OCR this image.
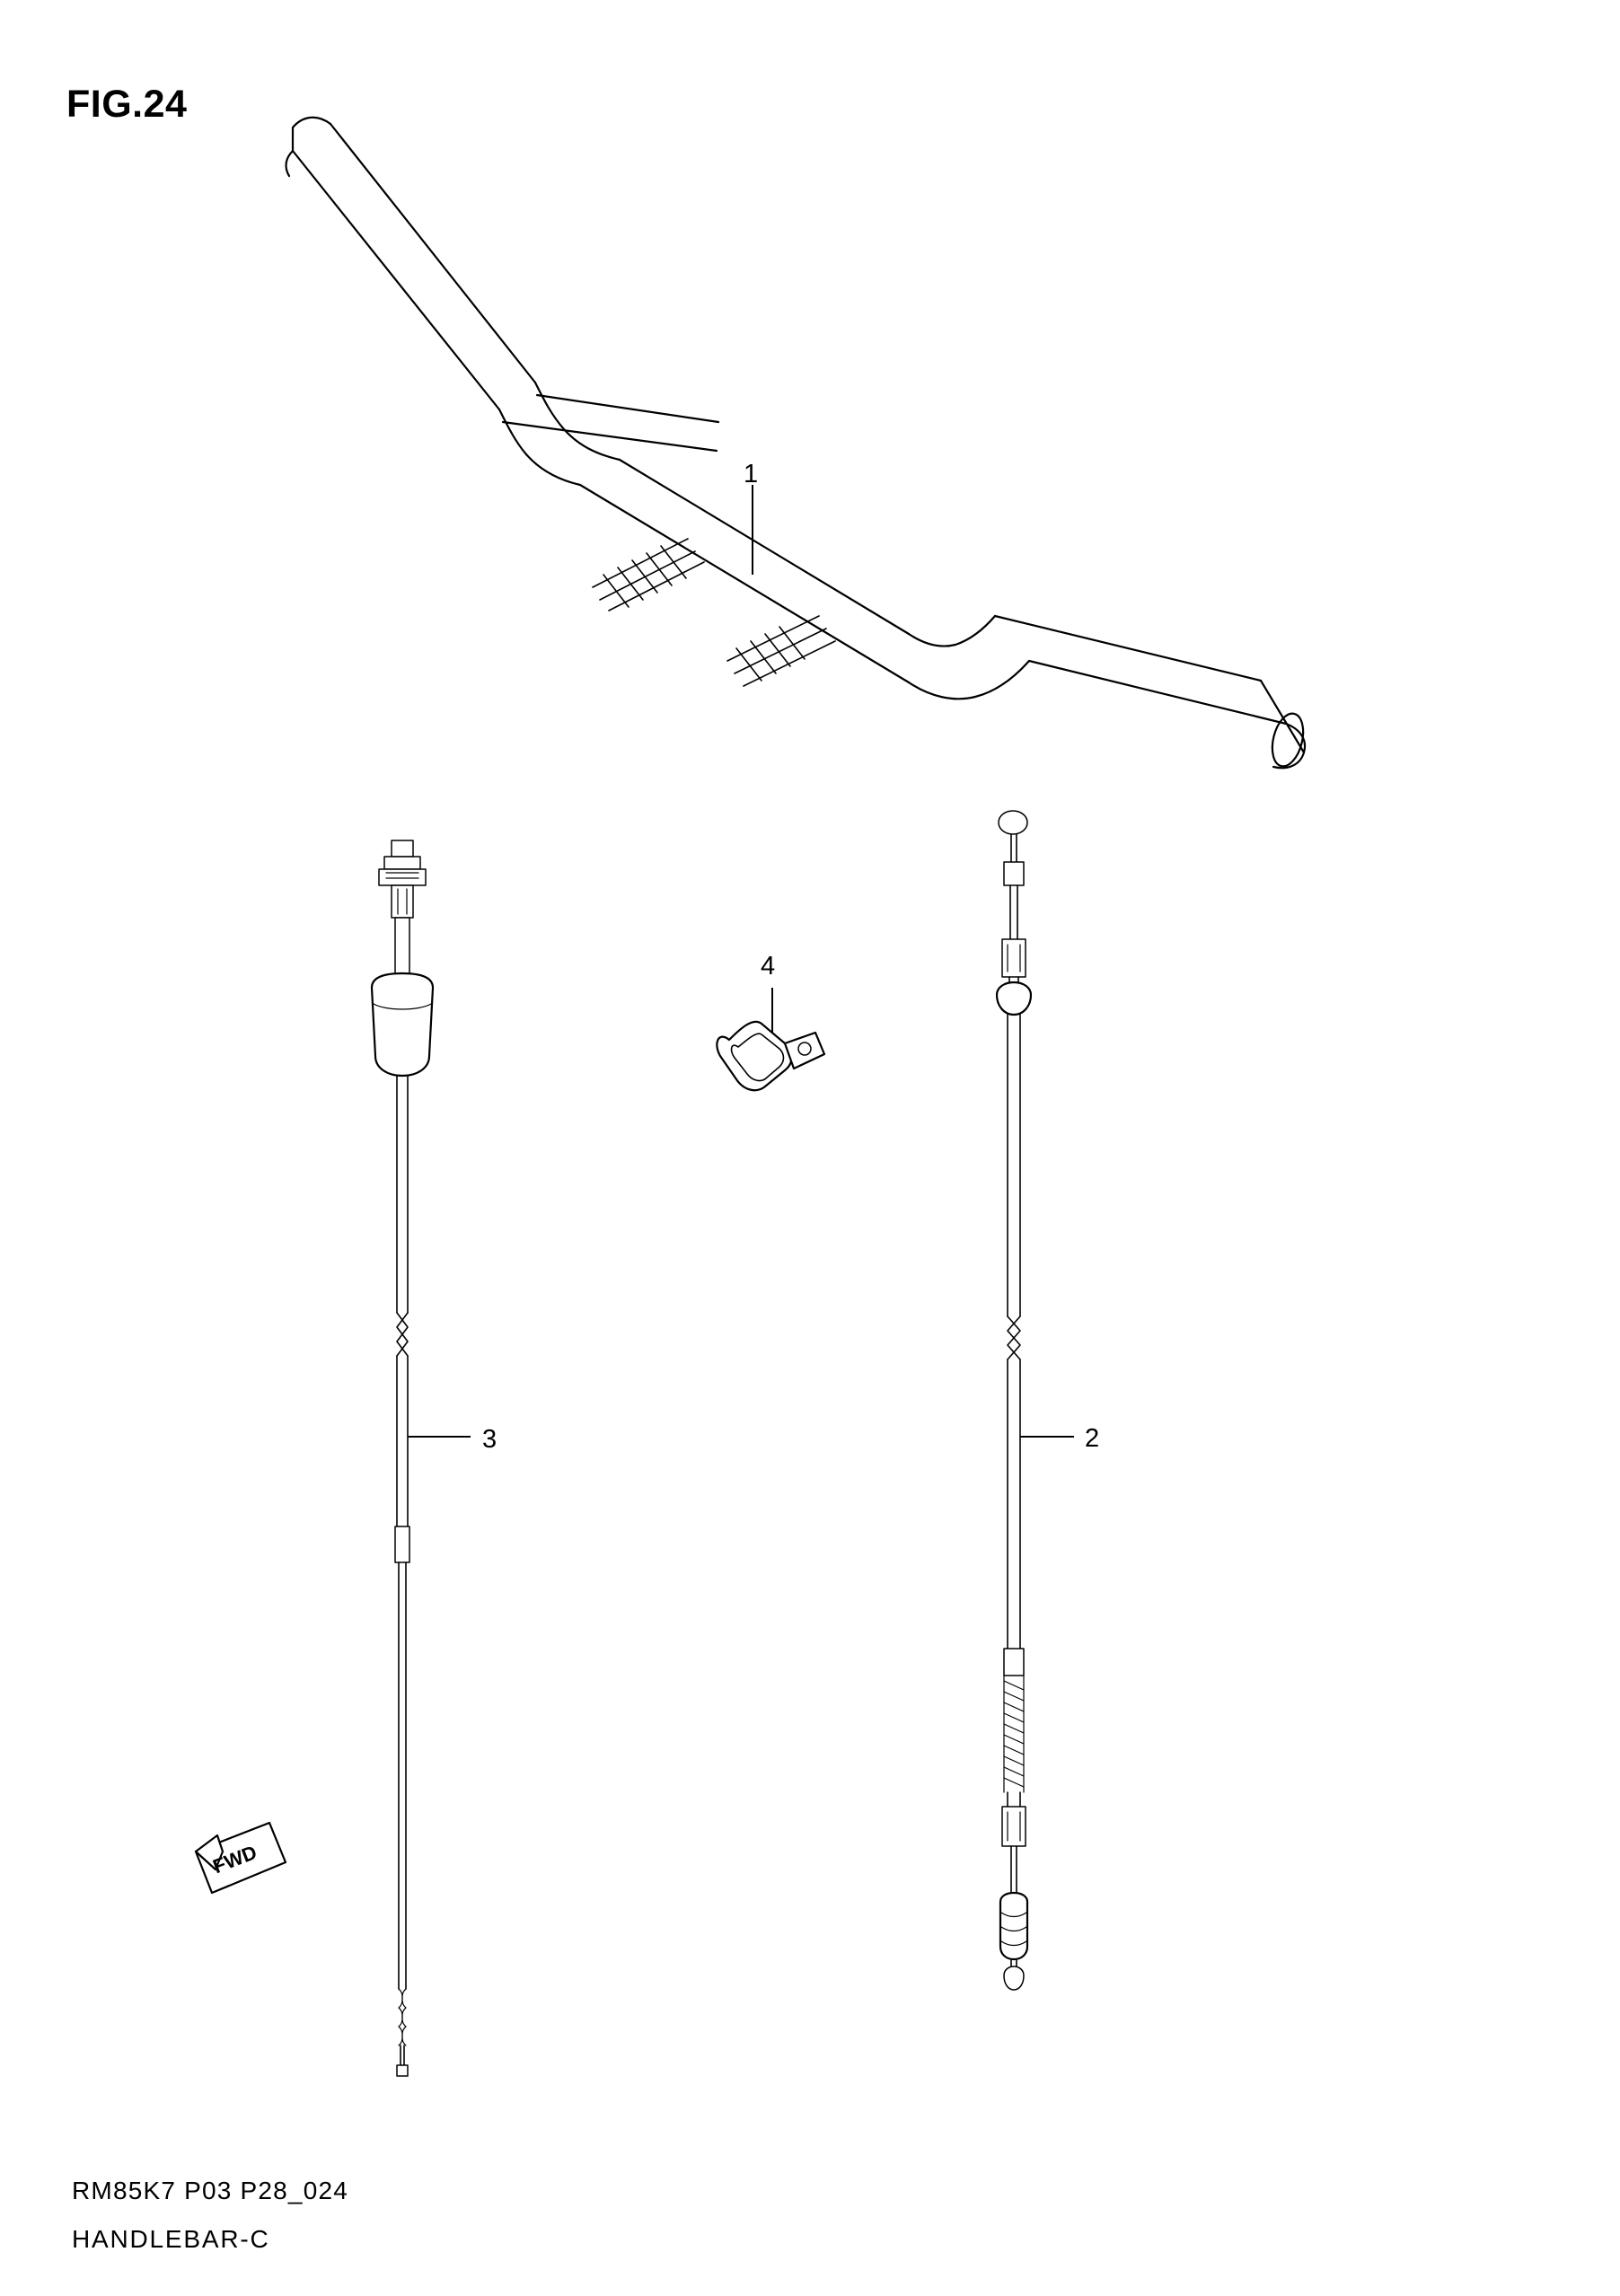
FIG.24
FWD
1
2
3
4
RM85K7 P03 P28_024
HANDLEBAR-C
